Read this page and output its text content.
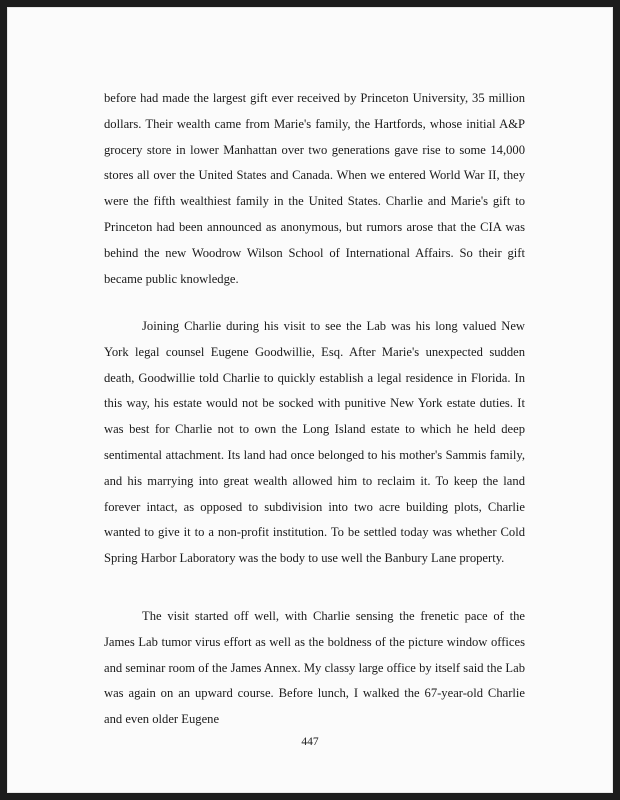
before had made the largest gift ever received by Princeton University, 35 million dollars. Their wealth came from Marie's family, the Hartfords, whose initial A&P grocery store in lower Manhattan over two generations gave rise to some 14,000 stores all over the United States and Canada. When we entered World War II, they were the fifth wealthiest family in the United States. Charlie and Marie's gift to Princeton had been announced as anonymous, but rumors arose that the CIA was behind the new Woodrow Wilson School of International Affairs. So their gift became public knowledge.

Joining Charlie during his visit to see the Lab was his long valued New York legal counsel Eugene Goodwillie, Esq. After Marie's unexpected sudden death, Goodwillie told Charlie to quickly establish a legal residence in Florida. In this way, his estate would not be socked with punitive New York estate duties. It was best for Charlie not to own the Long Island estate to which he held deep sentimental attachment. Its land had once belonged to his mother's Sammis family, and his marrying into great wealth allowed him to reclaim it. To keep the land forever intact, as opposed to subdivision into two acre building plots, Charlie wanted to give it to a non-profit institution. To be settled today was whether Cold Spring Harbor Laboratory was the body to use well the Banbury Lane property.

The visit started off well, with Charlie sensing the frenetic pace of the James Lab tumor virus effort as well as the boldness of the picture window offices and seminar room of the James Annex. My classy large office by itself said the Lab was again on an upward course. Before lunch, I walked the 67-year-old Charlie and even older Eugene

447
